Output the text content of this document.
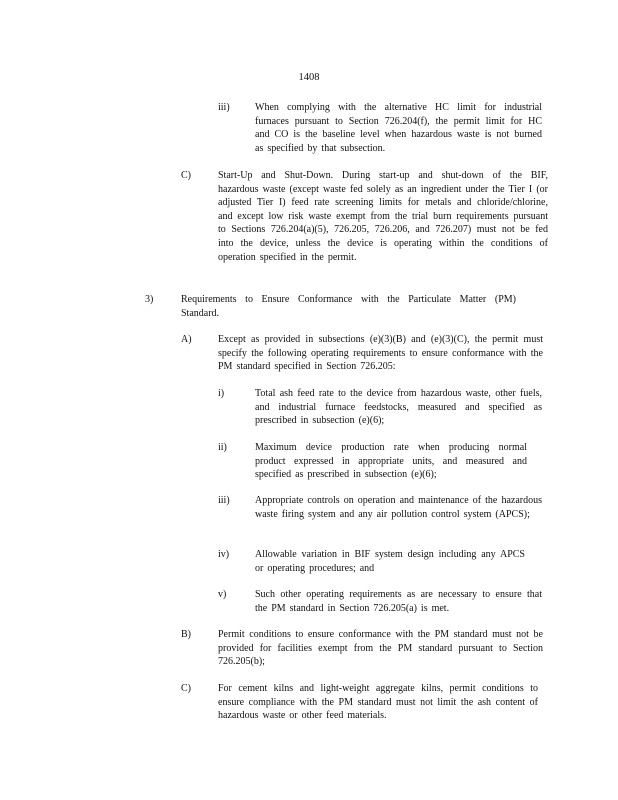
1408
iii)	When complying with the alternative HC limit for industrial furnaces pursuant to Section 726.204(f), the permit limit for HC and CO is the baseline level when hazardous waste is not burned as specified by that subsection.
C)	Start-Up and Shut-Down. During start-up and shut-down of the BIF, hazardous waste (except waste fed solely as an ingredient under the Tier I (or adjusted Tier I) feed rate screening limits for metals and chloride/chlorine, and except low risk waste exempt from the trial burn requirements pursuant to Sections 726.204(a)(5), 726.205, 726.206, and 726.207) must not be fed into the device, unless the device is operating within the conditions of operation specified in the permit.
3)	Requirements to Ensure Conformance with the Particulate Matter (PM) Standard.
A)	Except as provided in subsections (e)(3)(B) and (e)(3)(C), the permit must specify the following operating requirements to ensure conformance with the PM standard specified in Section 726.205:
i)	Total ash feed rate to the device from hazardous waste, other fuels, and industrial furnace feedstocks, measured and specified as prescribed in subsection (e)(6);
ii)	Maximum device production rate when producing normal product expressed in appropriate units, and measured and specified as prescribed in subsection (e)(6);
iii)	Appropriate controls on operation and maintenance of the hazardous waste firing system and any air pollution control system (APCS);
iv)	Allowable variation in BIF system design including any APCS or operating procedures; and
v)	Such other operating requirements as are necessary to ensure that the PM standard in Section 726.205(a) is met.
B)	Permit conditions to ensure conformance with the PM standard must not be provided for facilities exempt from the PM standard pursuant to Section 726.205(b);
C)	For cement kilns and light-weight aggregate kilns, permit conditions to ensure compliance with the PM standard must not limit the ash content of hazardous waste or other feed materials.
